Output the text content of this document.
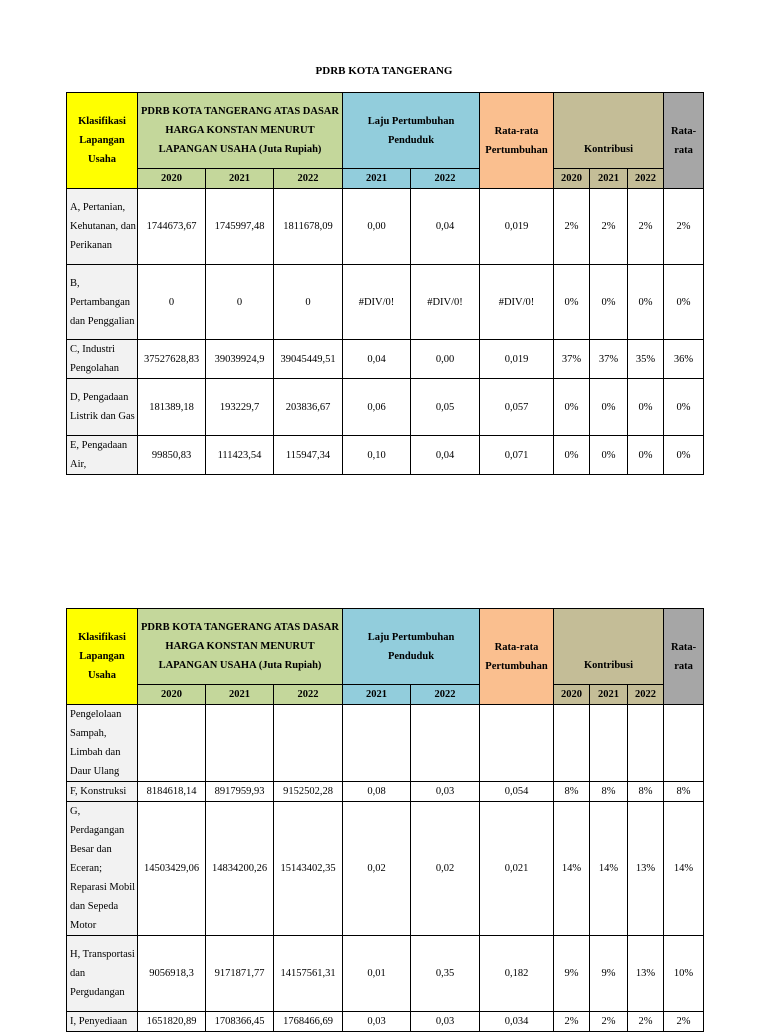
PDRB KOTA TANGERANG
Klasifikasi Lapangan Usaha	PDRB KOTA TANGERANG ATAS DASAR HARGA KONSTAN MENURUT LAPANGAN USAHA (Juta Rupiah)			Laju Pertumbuhan Penduduk		Rata-rata Pertumbuhan	Kontribusi			Rata-rata
	2020	2021	2022	2021	2022		2020	2021	2022	
A, Pertanian, Kehutanan, dan Perikanan	1744673,67	1745997,48	1811678,09	0,00	0,04	0,019	2%	2%	2%	2%
B, Pertambangan dan Penggalian	0	0	0	#DIV/0!	#DIV/0!	#DIV/0!	0%	0%	0%	0%
C, Industri Pengolahan	37527628,83	39039924,9	39045449,51	0,04	0,00	0,019	37%	37%	35%	36%
D, Pengadaan Listrik dan Gas	181389,18	193229,7	203836,67	0,06	0,05	0,057	0%	0%	0%	0%
E, Pengadaan Air,	99850,83	111423,54	115947,34	0,10	0,04	0,071	0%	0%	0%	0%
Klasifikasi Lapangan Usaha	PDRB KOTA TANGERANG ATAS DASAR HARGA KONSTAN MENURUT LAPANGAN USAHA (Juta Rupiah)			Laju Pertumbuhan Penduduk		Rata-rata Pertumbuhan	Kontribusi			Rata-rata
	2020	2021	2022	2021	2022		2020	2021	2022	
Pengelolaan Sampah, Limbah dan Daur Ulang										
F, Konstruksi	8184618,14	8917959,93	9152502,28	0,08	0,03	0,054	8%	8%	8%	8%
G, Perdagangan Besar dan Eceran; Reparasi Mobil dan Sepeda Motor	14503429,06	14834200,26	15143402,35	0,02	0,02	0,021	14%	14%	13%	14%
H, Transportasi dan Pergudangan	9056918,3	9171871,77	14157561,31	0,01	0,35	0,182	9%	9%	13%	10%
I, Penyediaan	1651820,89	1708366,45	1768466,69	0,03	0,03	0,034	2%	2%	2%	2%
